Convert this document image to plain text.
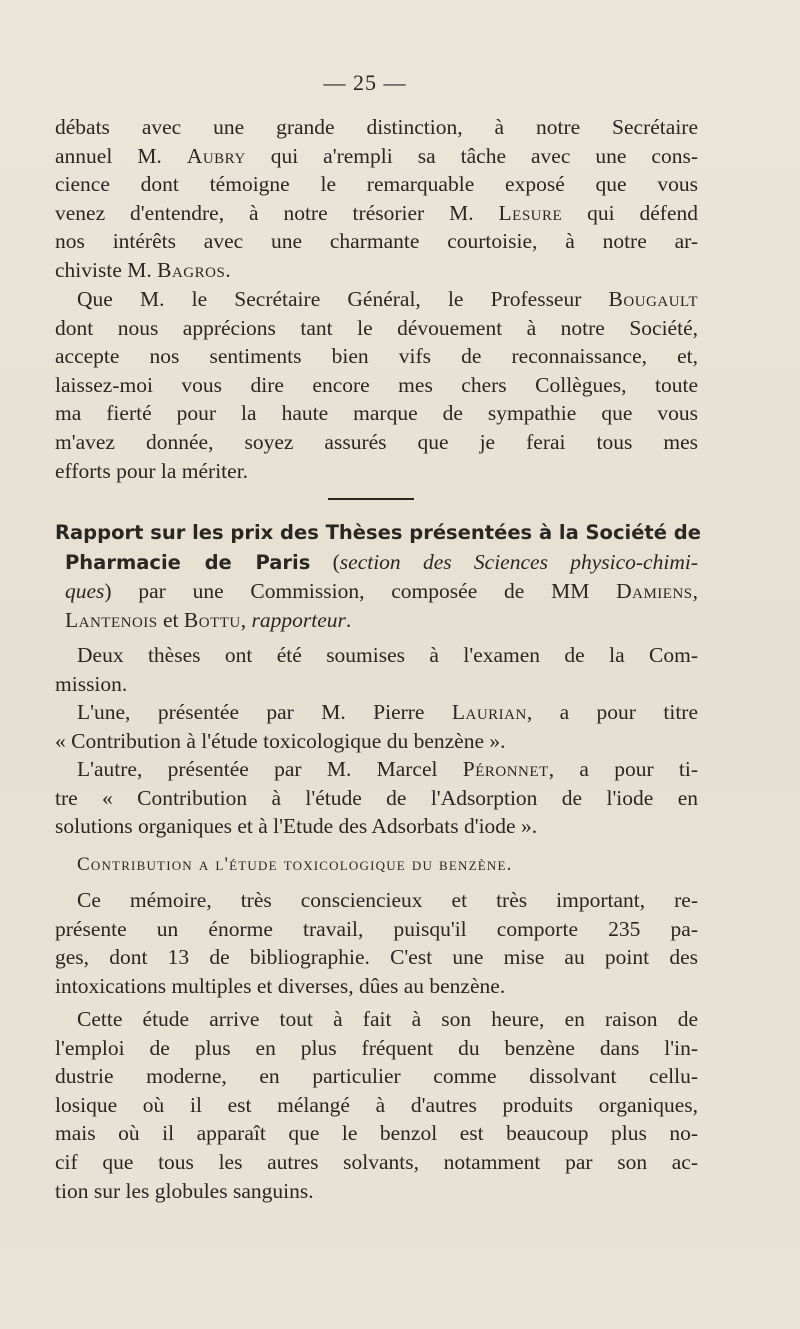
— 25 —
débats avec une grande distinction, à notre Secrétaire
annuel M. Aubry qui a'rempli sa tâche avec une cons-
cience dont témoigne le remarquable exposé que vous
venez d'entendre, à notre trésorier M. Lesure qui défend
nos intérêts avec une charmante courtoisie, à notre ar-
chiviste M. Bagros.
Que M. le Secrétaire Général, le Professeur Bougault
dont nous apprécions tant le dévouement à notre Société,
accepte nos sentiments bien vifs de reconnaissance, et,
laissez-moi vous dire encore mes chers Collègues, toute
ma fierté pour la haute marque de sympathie que vous
m'avez donnée, soyez assurés que je ferai tous mes
efforts pour la mériter.
Rapport sur les prix des Thèses présentées à la Société de
Pharmacie de Paris (section des Sciences physico-chimi-
ques) par une Commission, composée de MM Damiens,
Lantenois et Bottu, rapporteur.
Deux thèses ont été soumises à l'examen de la Com-
mission.
L'une, présentée par M. Pierre Laurian, a pour titre
« Contribution à l'étude toxicologique du benzène ».
L'autre, présentée par M. Marcel Péronnet, a pour ti-
tre « Contribution à l'étude de l'Adsorption de l'iode en
solutions organiques et à l'Etude des Adsorbats d'iode ».
Contribution a l'étude toxicologique du benzène.
Ce mémoire, très consciencieux et très important, re-
présente un énorme travail, puisqu'il comporte 235 pa-
ges, dont 13 de bibliographie. C'est une mise au point des
intoxications multiples et diverses, dûes au benzène.
Cette étude arrive tout à fait à son heure, en raison de
l'emploi de plus en plus fréquent du benzène dans l'in-
dustrie moderne, en particulier comme dissolvant cellu-
losique où il est mélangé à d'autres produits organiques,
mais où il apparaît que le benzol est beaucoup plus no-
cif que tous les autres solvants, notamment par son ac-
tion sur les globules sanguins.
